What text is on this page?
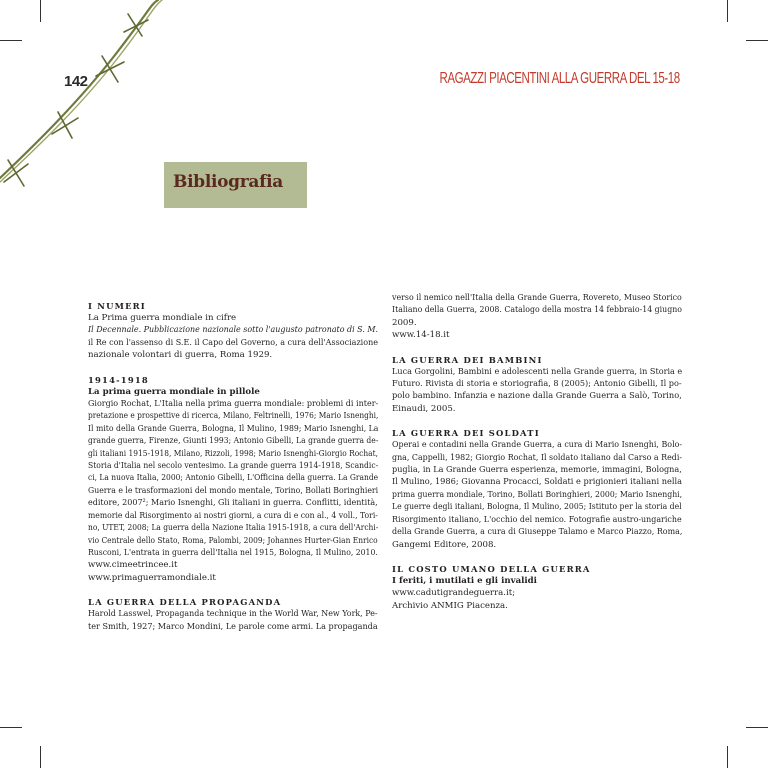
142	RAGAZZI PIACENTINI ALLA GUERRA DEL 15-18
Bibliografia

I NUMERI

La Prima guerra mondiale in cifre

Il Decennale. Pubblicazione nazionale sotto l'augusto patronato di S. M.

il Re con l'assenso di S.E. il Capo del Governo, a cura dell'Associazione

nazionale volontari di guerra, Roma 1929.

1914-1918

La prima guerra mondiale in pillole

Giorgio Rochat, L'Italia nella prima guerra mondiale: problemi di inter-

pretazione e prospettive di ricerca, Milano, Feltrinelli, 1976; Mario Isnenghi,

Il mito della Grande Guerra, Bologna, Il Mulino, 1989; Mario Isnenghi, La

grande guerra, Firenze, Giunti 1993; Antonio Gibelli, La grande guerra de-

gli italiani 1915-1918, Milano, Rizzoli, 1998; Mario Isnenghi-Giorgio Rochat,

Storia d'Italia nel secolo ventesimo. La grande guerra 1914-1918, Scandic-

ci, La nuova Italia, 2000; Antonio Gibelli, L'Officina della guerra. La Grande

Guerra e le trasformazioni del mondo mentale, Torino, Bollati Boringhieri

editore, 2007²; Mario Isnenghi, Gli italiani in guerra. Conflitti, identità,

memorie dal Risorgimento ai nostri giorni, a cura di e con al., 4 voll., Tori-

no, UTET, 2008; La guerra della Nazione Italia 1915-1918, a cura dell'Archi-

vio Centrale dello Stato, Roma, Palombi, 2009; Johannes Hurter-Gian Enrico

Rusconi, L'entrata in guerra dell'Italia nel 1915, Bologna, Il Mulino, 2010.

www.cimeetrincee.it

www.primaguerramondiale.it

LA GUERRA DELLA PROPAGANDA

Harold Lasswel, Propaganda technique in the World War, New York, Pe-

ter Smith, 1927; Marco Mondini, Le parole come armi. La propaganda

verso il nemico nell'Italia della Grande Guerra, Rovereto, Museo Storico

Italiano della Guerra, 2008. Catalogo della mostra 14 febbraio-14 giugno

2009.

www.14-18.it

LA GUERRA DEI BAMBINI

Luca Gorgolini, Bambini e adolescenti nella Grande guerra, in Storia e

Futuro. Rivista di storia e storiografia, 8 (2005); Antonio Gibelli, Il po-

polo bambino. Infanzia e nazione dalla Grande Guerra a Salò, Torino,

Einaudi, 2005.

LA GUERRA DEI SOLDATI

Operai e contadini nella Grande Guerra, a cura di Mario Isnenghi, Bolo-

gna, Cappelli, 1982; Giorgio Rochat, Il soldato italiano dal Carso a Redi-

puglia, in La Grande Guerra esperienza, memorie, immagini, Bologna,

Il Mulino, 1986; Giovanna Procacci, Soldati e prigionieri italiani nella

prima guerra mondiale, Torino, Bollati Boringhieri, 2000; Mario Isnenghi,

Le guerre degli italiani, Bologna, Il Mulino, 2005; Istituto per la storia del

Risorgimento italiano, L'occhio del nemico. Fotografie austro-ungariche

della Grande Guerra, a cura di Giuseppe Talamo e Marco Piazzo, Roma,

Gangemi Editore, 2008.

IL COSTO UMANO DELLA GUERRA

I feriti, i mutilati e gli invalidi

www.cadutigrandeguerra.it;

Archivio ANMIG Piacenza.
